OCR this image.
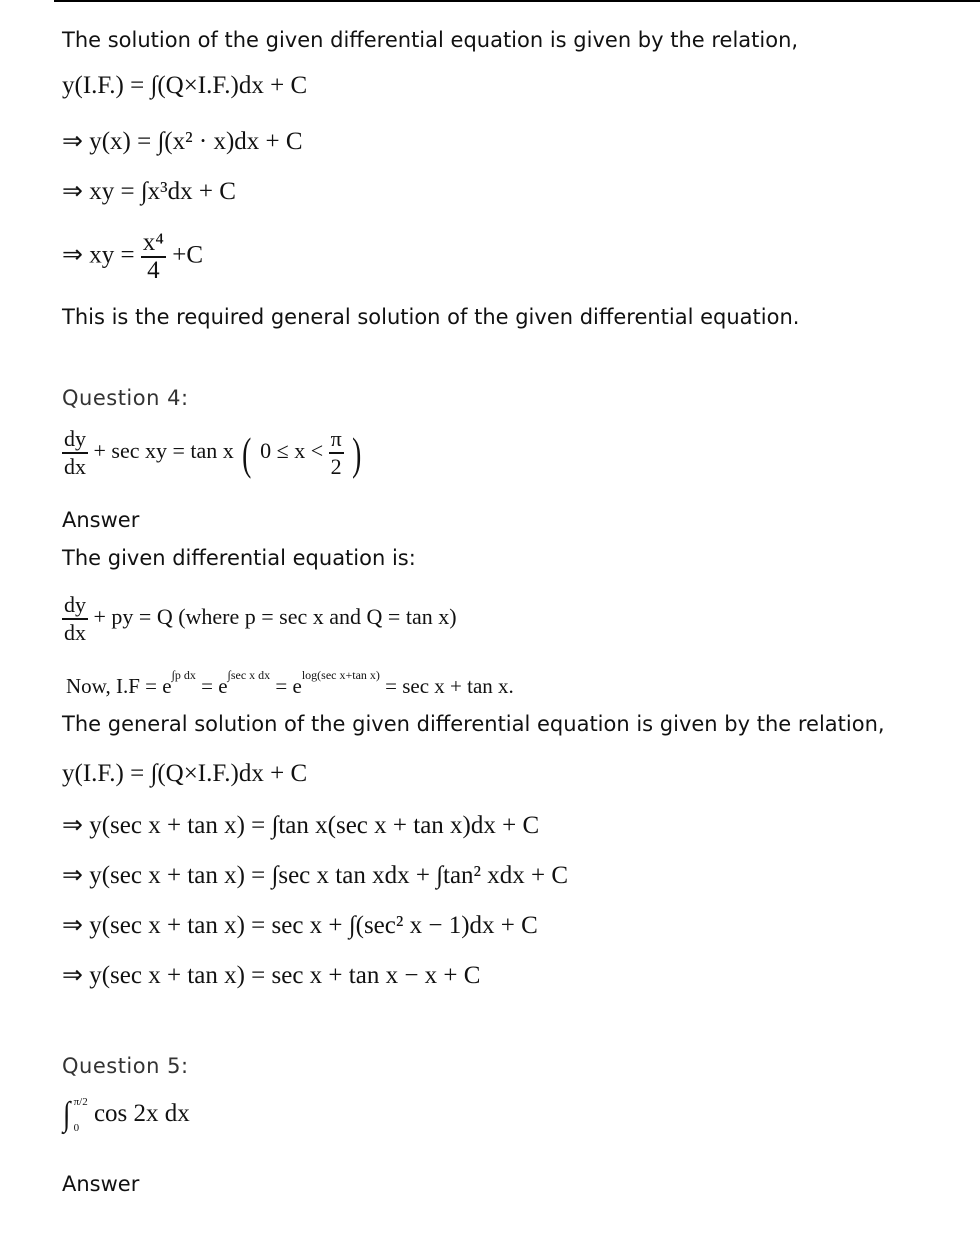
The solution of the given differential equation is given by the relation,
y(I.F.) = ∫(Q×I.F.)dx + C
⇒ y(x) = ∫(x² · x)dx + C
⇒ xy = ∫x³dx + C
⇒ xy = $\frac{\text{x⁴}}{4} +C$
This is the required general solution of the given differential equation.
Question 4:
$\frac{dy}{dx} + \sec$ xy = tan x ( $0 \le x < \frac{\pi}{2}$ )
Answer
The given differential equation is:
$\frac{dy}{dx}$ + py = Q (where p = sec x and Q = tan x)
Now, $I.F = e^{\int p dx} = e^{\int sec x dx} = e^{log(sec x+tan x)} = \sec x + \tan x$.
The general solution of the given differential equation is given by the relation,
y(I.F.) = ∫(Q×I.F.)dx + C
⇒ y(sec x + tan x) = ∫tan x(sec x + tan x)dx + C
⇒ y(sec x + tan x) = ∫sec x tan xdx + ∫tan² xdx + C
⇒ y(sec x + tan x) = sec x + ∫(sec² x − 1)dx + C
⇒ y(sec x + tan x) = sec x + tan x − x + C
Question 5:
∫ π/2
0
cos 2x dx
Answer
